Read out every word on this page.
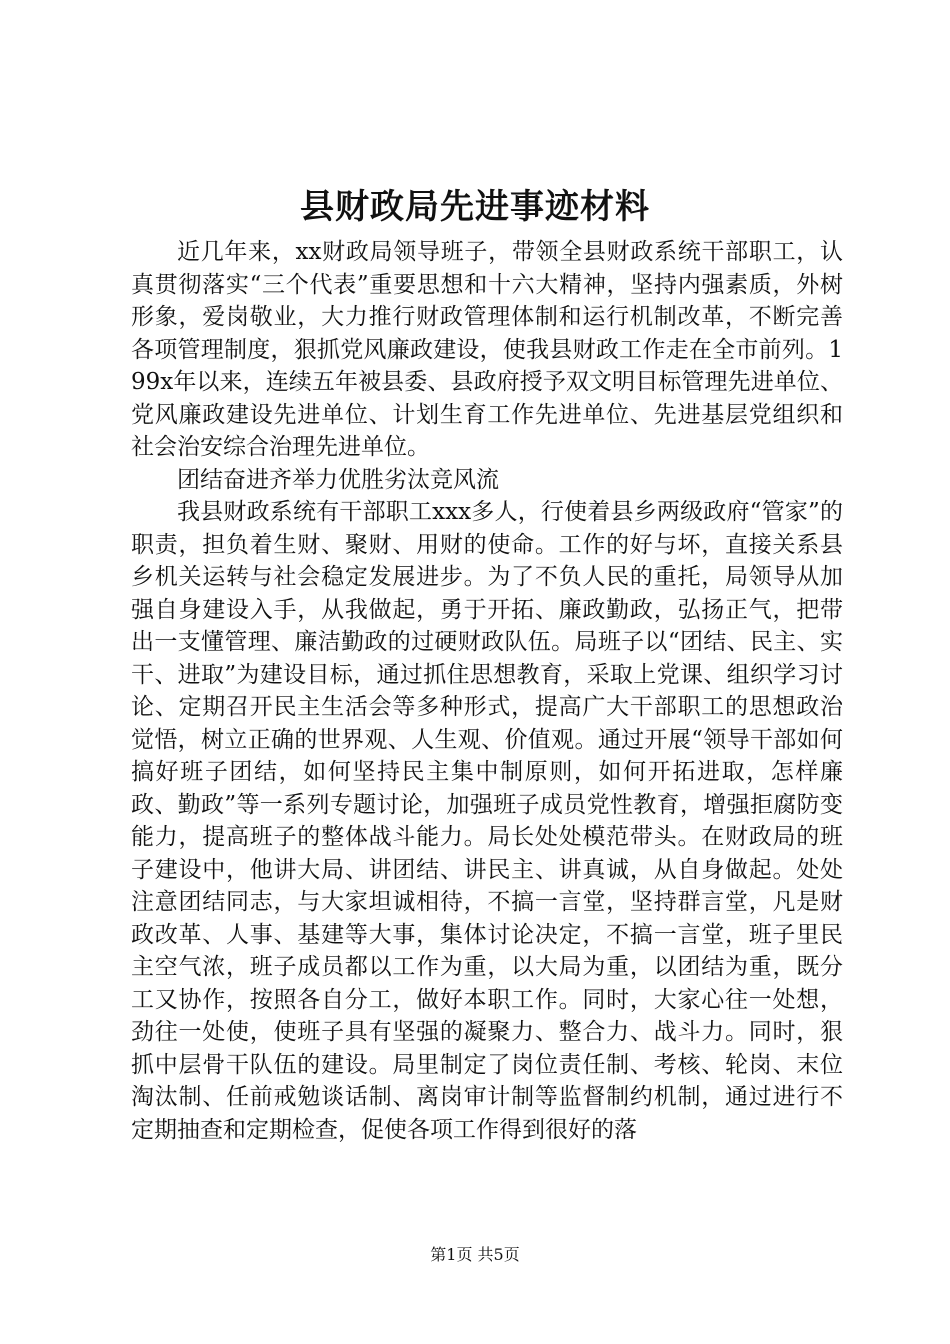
县财政局先进事迹材料

近几年来，xx财政局领导班子，带领全县财政系统干部职工，认真贯彻落实“三个代表”重要思想和十六大精神，坚持内强素质，外树形象，爱岗敬业，大力推行财政管理体制和运行机制改革，不断完善各项管理制度，狠抓党风廉政建设，使我县财政工作走在全市前列。199x年以来，连续五年被县委、县政府授予双文明目标管理先进单位、党风廉政建设先进单位、计划生育工作先进单位、先进基层党组织和社会治安综合治理先进单位。

团结奋进齐举力优胜劣汰竞风流

我县财政系统有干部职工xxx多人，行使着县乡两级政府“管家”的职责，担负着生财、聚财、用财的使命。工作的好与坏，直接关系县乡机关运转与社会稳定发展进步。为了不负人民的重托，局领导从加强自身建设入手，从我做起，勇于开拓、廉政勤政，弘扬正气，把带出一支懂管理、廉洁勤政的过硬财政队伍。局班子以“团结、民主、实干、进取”为建设目标，通过抓住思想教育，采取上党课、组织学习讨论、定期召开民主生活会等多种形式，提高广大干部职工的思想政治觉悟，树立正确的世界观、人生观、价值观。通过开展“领导干部如何搞好班子团结，如何坚持民主集中制原则，如何开拓进取，怎样廉政、勤政”等一系列专题讨论，加强班子成员党性教育，增强拒腐防变能力，提高班子的整体战斗能力。局长处处模范带头。在财政局的班子建设中，他讲大局、讲团结、讲民主、讲真诚，从自身做起。处处注意团结同志，与大家坦诚相待，不搞一言堂，坚持群言堂，凡是财政改革、人事、基建等大事，集体讨论决定，不搞一言堂，班子里民主空气浓，班子成员都以工作为重，以大局为重，以团结为重，既分工又协作，按照各自分工，做好本职工作。同时，大家心往一处想，劲往一处使，使班子具有坚强的凝聚力、整合力、战斗力。同时，狠抓中层骨干队伍的建设。局里制定了岗位责任制、考核、轮岗、末位淘汰制、任前戒勉谈话制、离岗审计制等监督制约机制，通过进行不定期抽查和定期检查，促使各项工作得到很好的落

第1页 共5页
